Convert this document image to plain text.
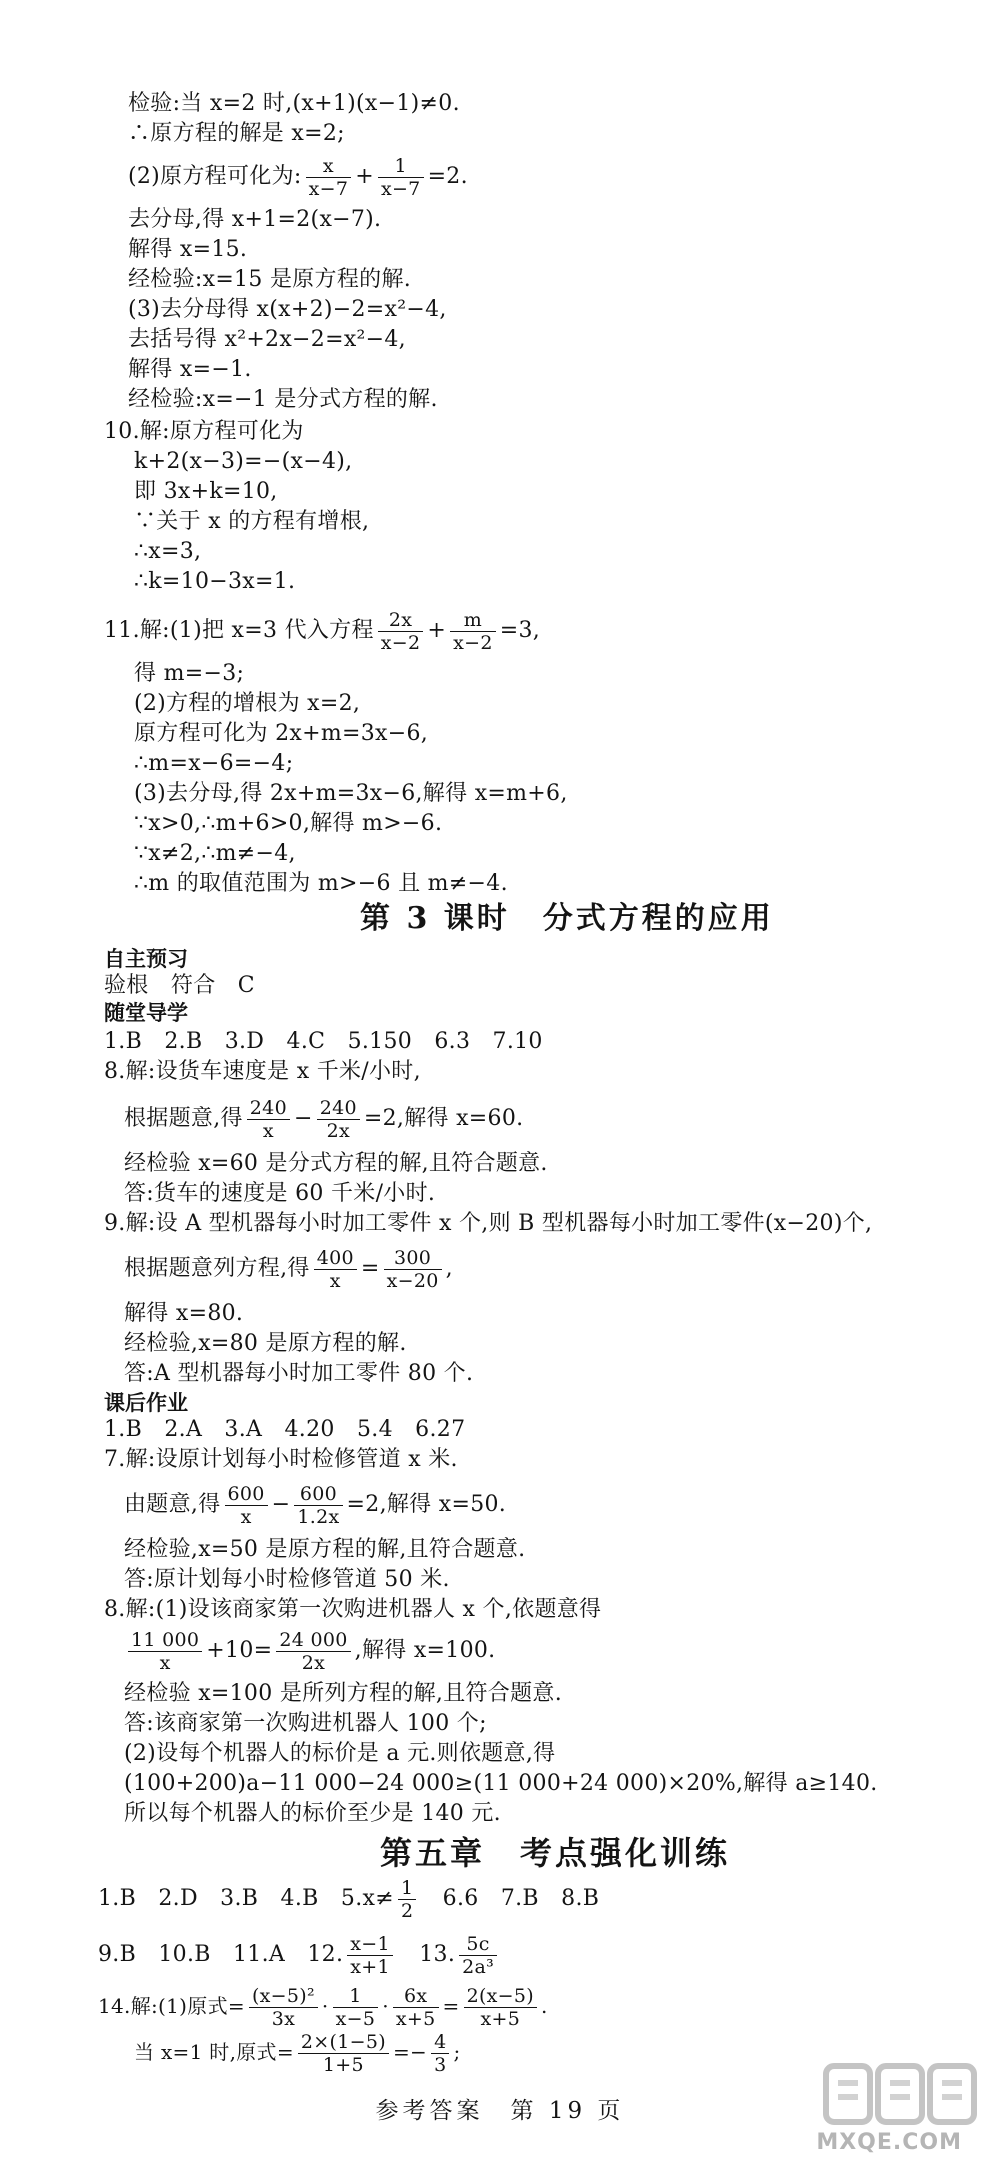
检验:当 x=2 时,(x+1)(x−1)≠0.
∴原方程的解是 x=2;
(2)原方程可化为: $\frac{x}{x-7} + \frac{1}{x-7} =2$.
去分母,得 x+1=2(x−7).
解得 x=15.
经检验:x=15 是原方程的解.
(3)去分母得 x(x+2)−2=x²−4,
去括号得 x²+2x−2=x²−4,
解得 x=−1.
经检验:x=−1 是分式方程的解.
10.解:原方程可化为
k+2(x−3)=−(x−4),
即 3x+k=10,
∵关于 x 的方程有增根,
∴x=3,
∴k=10−3x=1.
11.解:(1)把 x=3 代入方程 $\frac{2x}{x-2} + \frac{m}{x-2} =3$,
得 m=−3;
(2)方程的增根为 x=2,
原方程可化为 2x+m=3x−6,
∴m=x−6=−4;
(3)去分母,得 2x+m=3x−6,解得 x=m+6,
∵x>0,∴m+6>0,解得 m>−6.
∵x≠2,∴m≠−4,
∴m 的取值范围为 m>−6 且 m≠−4.
第 3 课时　分式方程的应用
自主预习
验根　符合　C
随堂导学
1.B　2.B　3.D　4.C　5.150　6.3　7.10
8.解:设货车速度是 x 千米/小时,
根据题意,得 $\frac{240}{x} - \frac{240}{2x} =2$,解得 x=60.
经检验 x=60 是分式方程的解,且符合题意.
答:货车的速度是 60 千米/小时.
9.解:设 A 型机器每小时加工零件 x 个,则 B 型机器每小时加工零件(x−20)个,
根据题意列方程,得 $\frac{400}{x} = \frac{300}{x-20}$ ,
解得 x=80.
经检验,x=80 是原方程的解.
答:A 型机器每小时加工零件 80 个.
课后作业
1.B　2.A　3.A　4.20　5.4　6.27
7.解:设原计划每小时检修管道 x 米.
由题意,得 $\frac{600}{x} - \frac{600}{1.2x} =2$,解得 x=50.
经检验,x=50 是原方程的解,且符合题意.
答:原计划每小时检修管道 50 米.
8.解:(1)设该商家第一次购进机器人 x 个,依题意得
$\frac{11 000}{x} +10= \frac{24 000}{2x}$ ,解得 x=100.
经检验 x=100 是所列方程的解,且符合题意.
答:该商家第一次购进机器人 100 个;
(2)设每个机器人的标价是 a 元.则依题意,得
(100+200)a−11 000−24 000≥(11 000+24 000)×20%,解得 a≥140.
所以每个机器人的标价至少是 140 元.
第五章　考点强化训练
1.B　2.D　3.B　4.B　$5.x\ne \frac{1}{2}$
　 6.6　7.B　8.B
9.B　10.B　11.A　12. $\frac{x-1}{x+1}$
　 13. $\frac{5c}{\text{2a³}}$
14.解:(1)原式= $\frac{\text{(x−5)²}}{3x} \cdot \frac{1}{x-5} \cdot \frac{6x}{x+5} = \frac{2(x-5)}{x+5}$ .
当 x=1 时,原式= $\frac{2\times(1-5)}{1+5} =- \frac{4}{3}$ ;
参考答案　第 19 页
MXQE.COM
